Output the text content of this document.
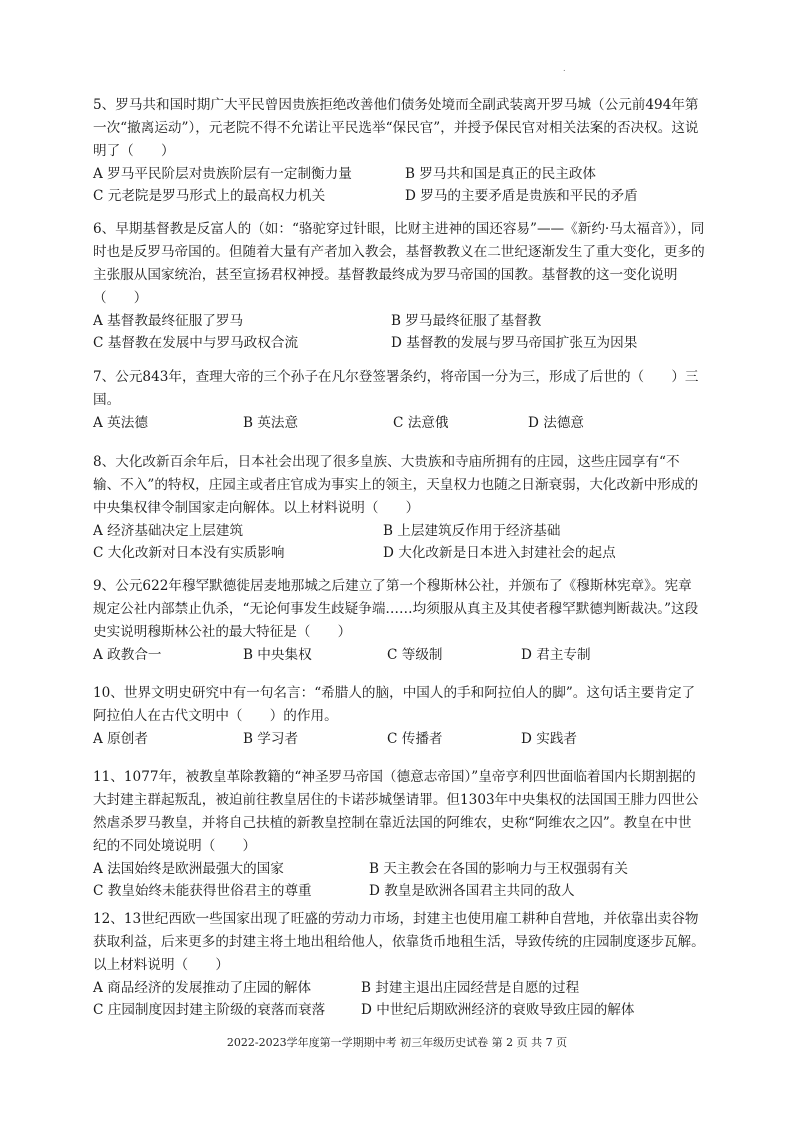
.

5、罗马共和国时期广大平民曾因贵族拒绝改善他们债务处境而全副武装离开罗马城（公元前494年第一次“撤离运动”），元老院不得不允诺让平民选举“保民官”，并授予保民官对相关法案的否决权。这说明了（　　）

A 罗马平民阶层对贵族阶层有一定制衡力量	B 罗马共和国是真正的民主政体
C 元老院是罗马形式上的最高权力机关	D 罗马的主要矛盾是贵族和平民的矛盾

6、早期基督教是反富人的（如：“骆驼穿过针眼，比财主进神的国还容易”——《新约·马太福音》），同时也是反罗马帝国的。但随着大量有产者加入教会，基督教教义在二世纪逐渐发生了重大变化，更多的主张服从国家统治，甚至宣扬君权神授。基督教最终成为罗马帝国的国教。基督教的这一变化说明（　　）

A 基督教最终征服了罗马	B 罗马最终征服了基督教
C 基督教在发展中与罗马政权合流	D 基督教的发展与罗马帝国扩张互为因果

7、公元843年，查理大帝的三个孙子在凡尔登签署条约，将帝国一分为三，形成了后世的（　　）三国。

A 英法德	B 英法意	C 法意俄	D 法德意

8、大化改新百余年后，日本社会出现了很多皇族、大贵族和寺庙所拥有的庄园，这些庄园享有“不输、不入”的特权，庄园主或者庄官成为事实上的领主，天皇权力也随之日渐衰弱，大化改新中形成的中央集权律令制国家走向解体。以上材料说明（　　）

A 经济基础决定上层建筑	B 上层建筑反作用于经济基础
C 大化改新对日本没有实质影响	D 大化改新是日本进入封建社会的起点

9、公元622年穆罕默德徙居麦地那城之后建立了第一个穆斯林公社，并颁布了《穆斯林宪章》。宪章规定公社内部禁止仇杀，“无论何事发生歧疑争端……均须服从真主及其使者穆罕默德判断裁决。”这段史实说明穆斯林公社的最大特征是（　　）

A 政教合一	B 中央集权	C 等级制	D 君主专制

10、世界文明史研究中有一句名言：“希腊人的脑，中国人的手和阿拉伯人的脚”。这句话主要肯定了阿拉伯人在古代文明中（　　）的作用。

A 原创者	B 学习者	C 传播者	D 实践者

11、1077年，被教皇革除教籍的“神圣罗马帝国（德意志帝国）”皇帝亨利四世面临着国内长期割据的大封建主群起叛乱，被迫前往教皇居住的卡诺莎城堡请罪。但1303年中央集权的法国国王腓力四世公然虐杀罗马教皇，并将自己扶植的新教皇控制在靠近法国的阿维农，史称“阿维农之囚”。教皇在中世纪的不同处境说明（　　）

A 法国始终是欧洲最强大的国家	B 天主教会在各国的影响力与王权强弱有关
C 教皇始终未能获得世俗君主的尊重	D 教皇是欧洲各国君主共同的敌人

12、13世纪西欧一些国家出现了旺盛的劳动力市场，封建主也使用雇工耕种自营地，并依靠出卖谷物获取利益，后来更多的封建主将土地出租给他人，依靠货币地租生活，导致传统的庄园制度逐步瓦解。以上材料说明（　　）

A 商品经济的发展推动了庄园的解体	B 封建主退出庄园经营是自愿的过程
C 庄园制度因封建主阶级的衰落而衰落	D 中世纪后期欧洲经济的衰败导致庄园的解体
2022-2023学年度第一学期期中考 初三年级历史试卷 第 2 页 共 7 页
